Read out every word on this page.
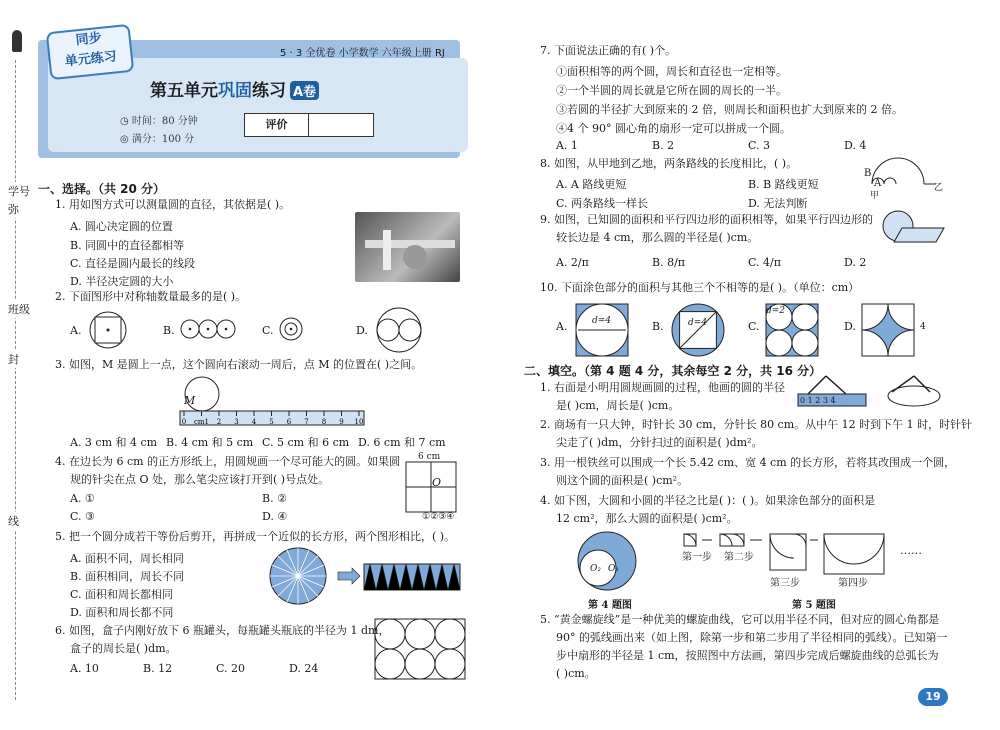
学号
弥
班级
封
线
同步
单元练习	5 · 3 全优卷 小学数学 六年级上册 RJ
第五单元巩固练习 A卷
◷ 时间：80 分钟
◎ 满分：100 分
评价
一、选择。（共 20 分）
1. 用如图方式可以测量圆的直径，其依据是( )。
A. 圆心决定圆的位置
B. 同圆中的直径都相等
C. 直径是圆内最长的线段
D. 半径决定圆的大小
2. 下面图形中对称轴数量最多的是( )。
A.	B.	C.	D.
3. 如图，M 是圆上一点，这个圆向右滚动一周后，点 M 的位置在( )之间。
0 cm1 2 3 4 5 6 7 8 9 10
M
A. 3 cm 和 4 cm B. 4 cm 和 5 cm C. 5 cm 和 6 cm D. 6 cm 和 7 cm
4. 在边长为 6 cm 的正方形纸上，用圆规画一个尽可能大的圆。如果圆
规的针尖在点 O 处，那么笔尖应该打开到( )号点处。
A. ①	B. ②
C. ③	D. ④
6 cm
O
①②③④
5. 把一个圆分成若干等份后剪开，再拼成一个近似的长方形，两个图形相比，( )。
A. 面积不同，周长相同
B. 面积相同，周长不同
C. 面积和周长都相同
D. 面积和周长都不同
6. 如图，盒子内刚好放下 6 瓶罐头，每瓶罐头瓶底的半径为 1 dm，
盒子的周长是( )dm。
A. 10	B. 12	C. 20	D. 24
7. 下面说法正确的有( )个。
①面积相等的两个圆，周长和直径也一定相等。
②一个半圆的周长就是它所在圆的周长的一半。
③若圆的半径扩大到原来的 2 倍，则周长和面积也扩大到原来的 2 倍。
④4 个 90° 圆心角的扇形一定可以拼成一个圆。
A. 1	B. 2	C. 3	D. 4
8. 如图，从甲地到乙地，两条路线的长度相比，( )。
A. A 路线更短	B. B 路线更短
C. 两条路线一样长	D. 无法判断
B
A
甲
乙
9. 如图，已知圆的面积和平行四边形的面积相等，如果平行四边形的
较长边是 4 cm，那么圆的半径是( )cm。
A. 2/π	B. 8/π	C. 4/π	D. 2
10. 下面涂色部分的面积与其他三个不相等的是( )。（单位：cm）
A.	d=4	B.	d=4	C.
d=2
D.	4
二、填空。（第 4 题 4 分，其余每空 2 分，共 16 分）
1. 右面是小明用圆规画圆的过程，他画的圆的半径
是( )cm，周长是( )cm。	0 1 2 3 4
2. 商场有一只大钟，时针长 30 cm，分针长 80 cm。从中午 12 时到下午 1 时，时针针
尖走了( )dm，分针扫过的面积是( )dm²。
3. 用一根铁丝可以围成一个长 5.42 cm、宽 4 cm 的长方形，若将其改围成一个圆，
则这个圆的面积是( )cm²。
4. 如下图，大圆和小圆的半径之比是( )：( )。如果涂色部分的面积是
12 cm²，那么大圆的面积是( )cm²。
O₂ O₁
第 4 题图
第一步 第二步
第三步	第四步
……
第 5 题图
5. “黄金螺旋线”是一种优美的螺旋曲线，它可以用半径不同，但对应的圆心角都是
90° 的弧线画出来（如上图，除第一步和第二步用了半径相同的弧线）。已知第一
步中扇形的半径是 1 cm，按照图中方法画，第四步完成后螺旋曲线的总弧长为
( )cm。
19
